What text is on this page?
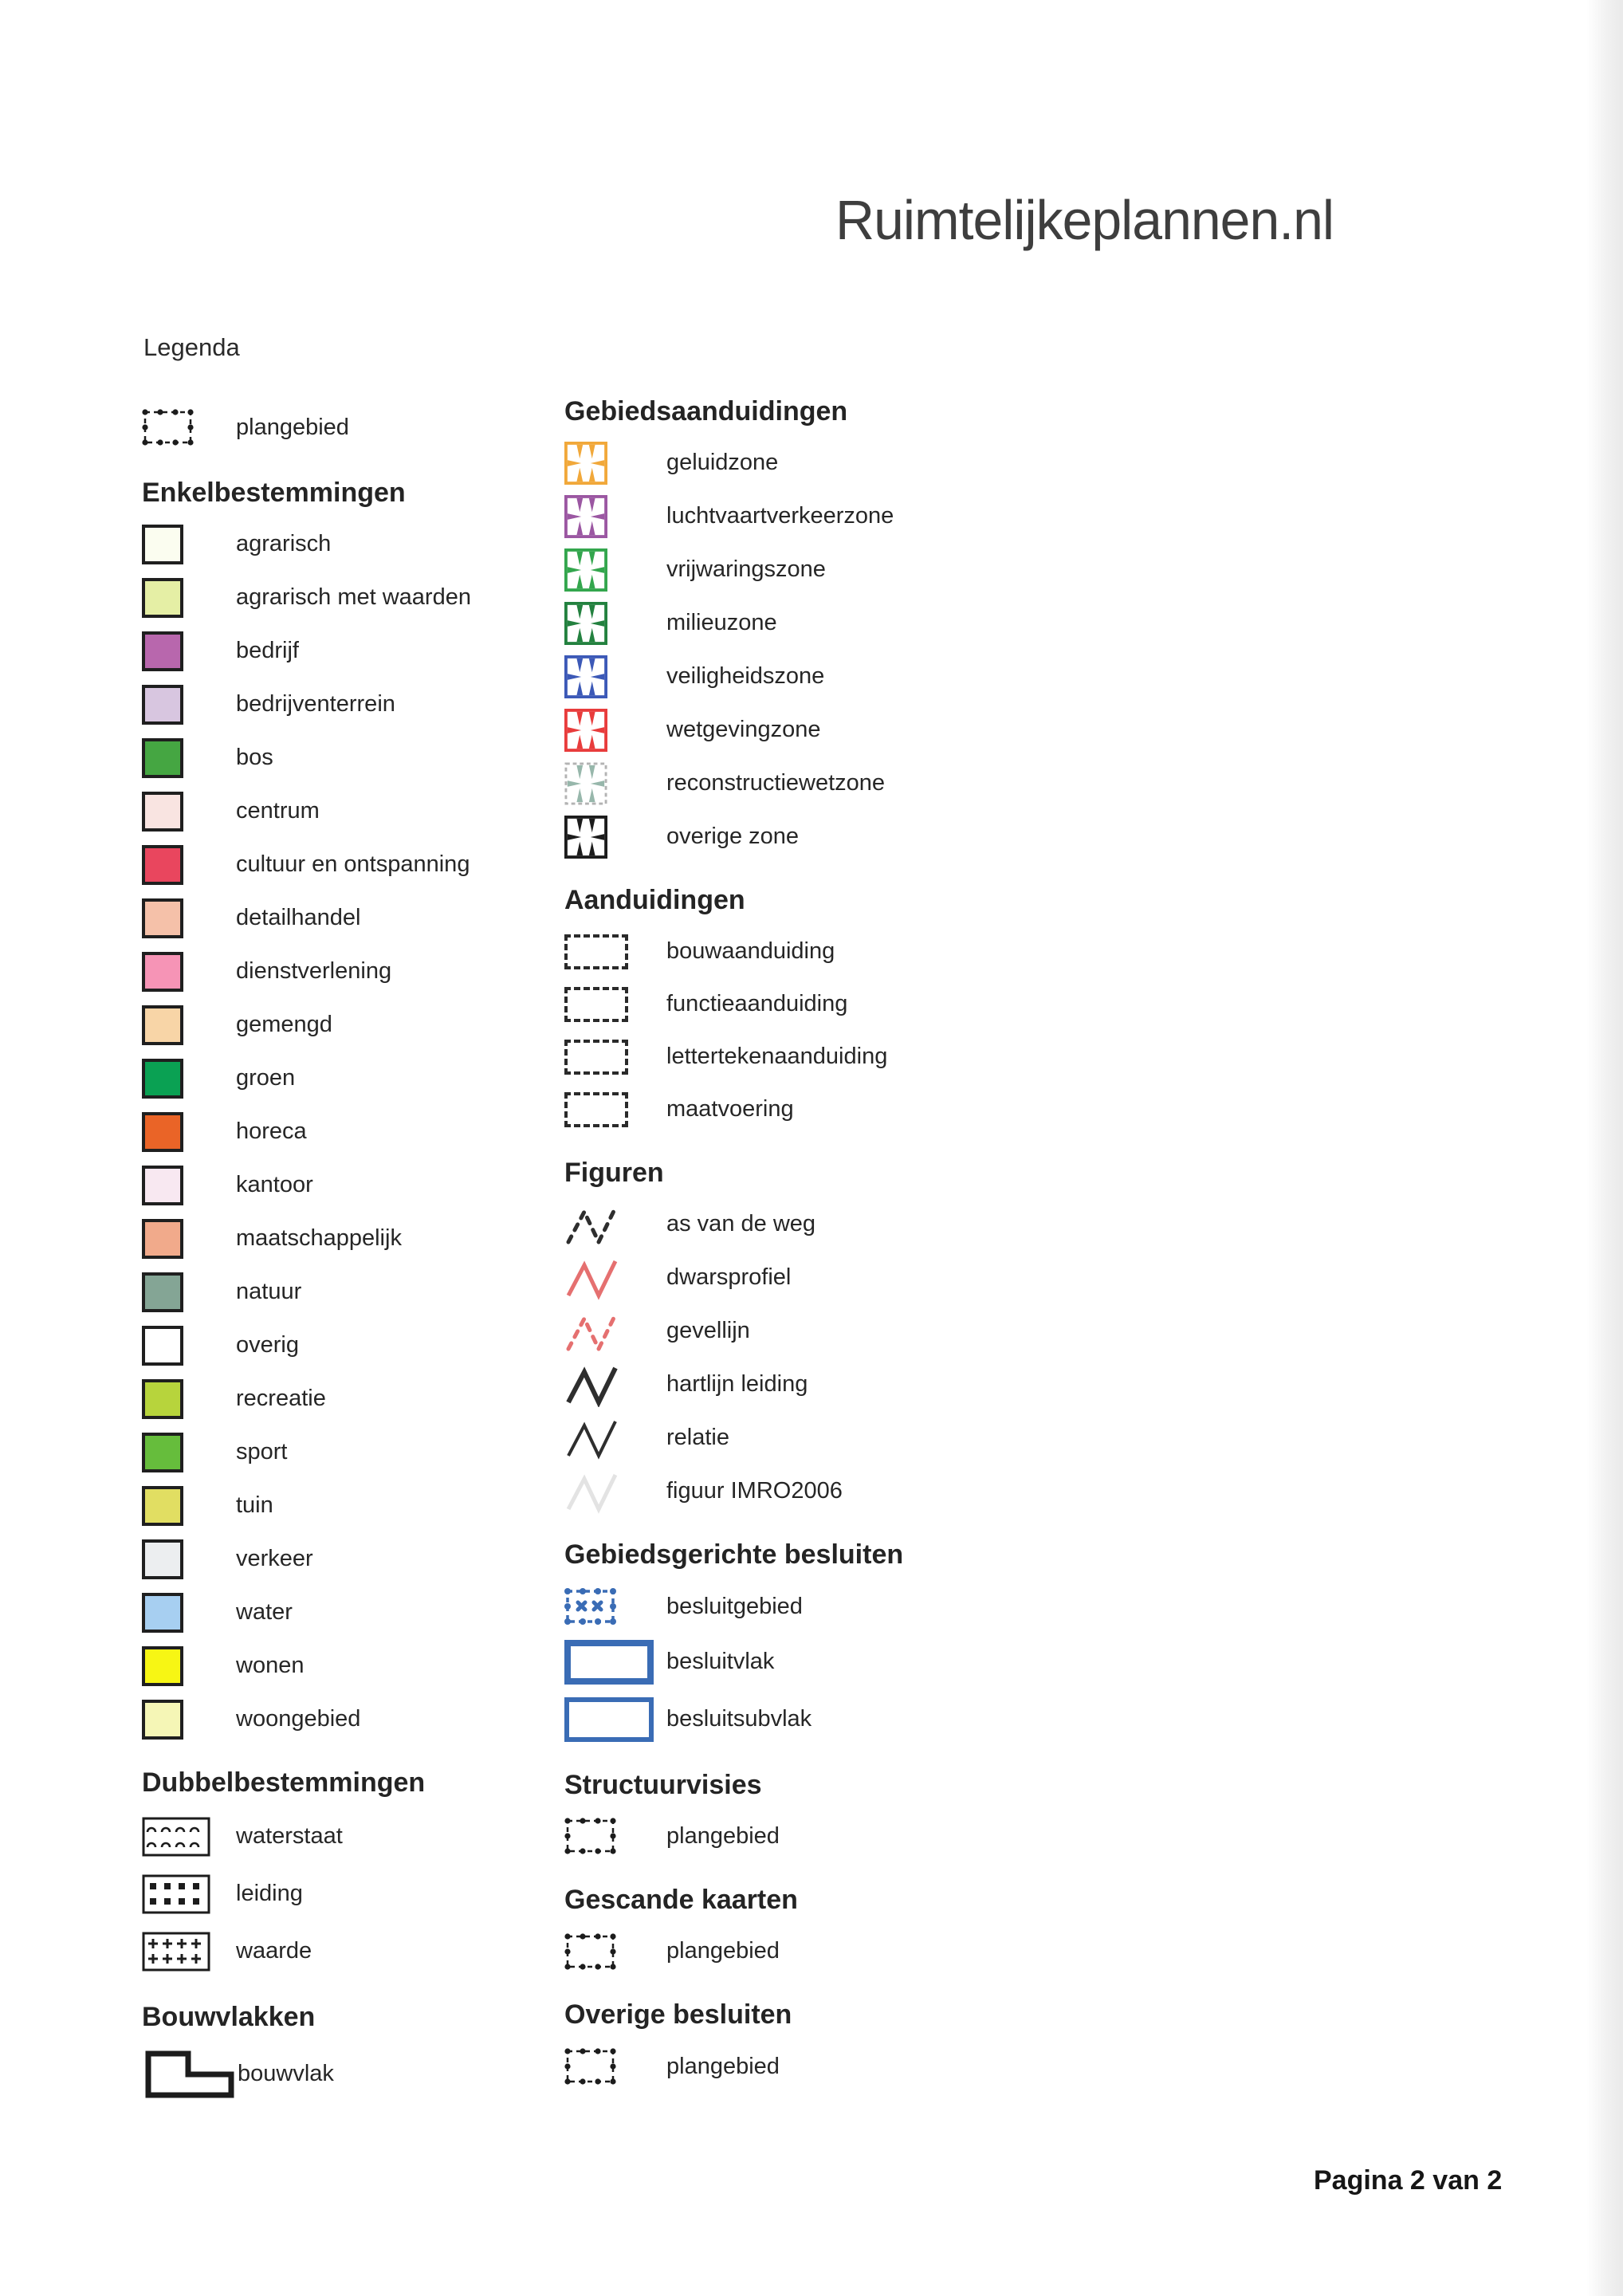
Ruimtelijkeplannen.nl
Legenda
plangebied
Enkelbestemmingen
agrarisch
agrarisch met waarden
bedrijf
bedrijventerrein
bos
centrum
cultuur en ontspanning
detailhandel
dienstverlening
gemengd
groen
horeca
kantoor
maatschappelijk
natuur
overig
recreatie
sport
tuin
verkeer
water
wonen
woongebied
Dubbelbestemmingen
waterstaat
leiding
waarde
Bouwvlakken
bouwvlak
Gebiedsaanduidingen
geluidzone
luchtvaartverkeerzone
vrijwaringszone
milieuzone
veiligheidszone
wetgevingzone
reconstructiewetzone
overige zone
Aanduidingen
bouwaanduiding
functieaanduiding
lettertekenaanduiding
maatvoering
Figuren
as van de weg
dwarsprofiel
gevellijn
hartlijn leiding
relatie
figuur IMRO2006
Gebiedsgerichte besluiten
besluitgebied
besluitvlak
besluitsubvlak
Structuurvisies
plangebied
Gescande kaarten
plangebied
Overige besluiten
plangebied
Pagina 2 van 2
